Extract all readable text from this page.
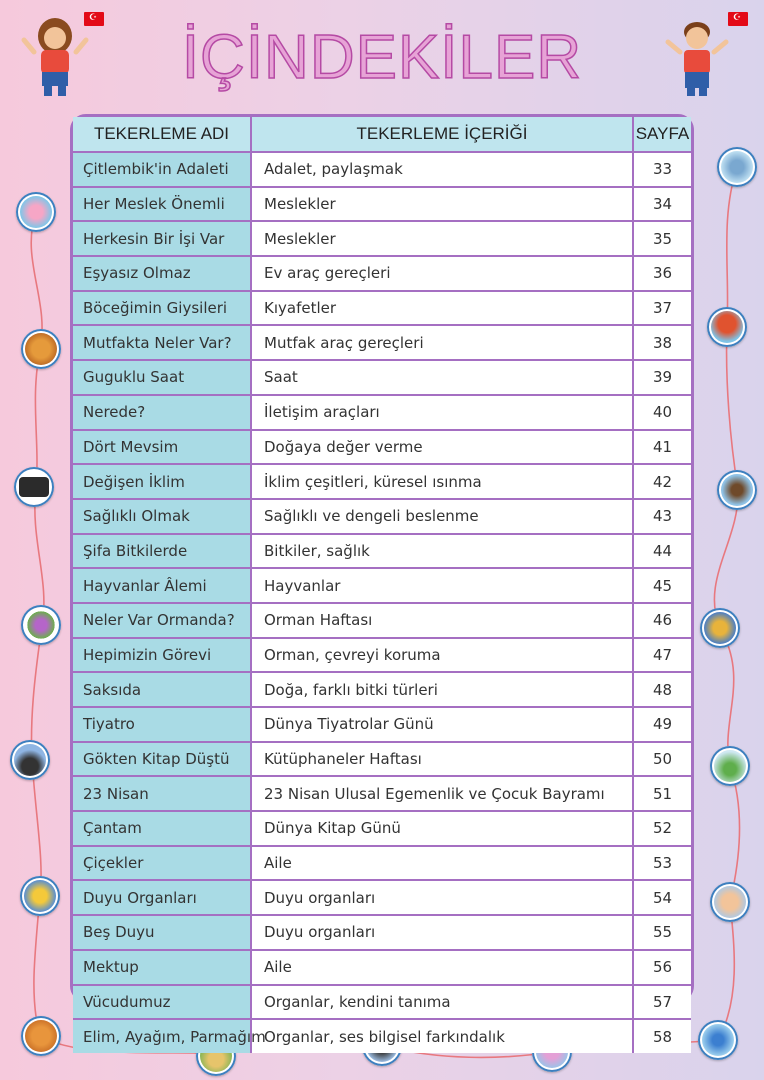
İÇİNDEKİLER
☪
☪
TEKERLEME ADI	TEKERLEME İÇERİĞİ	SAYFA
Çitlembik'in Adaleti	Adalet, paylaşmak	33
Her Meslek Önemli	Meslekler	34
Herkesin Bir İşi Var	Meslekler	35
Eşyasız Olmaz	Ev araç gereçleri	36
Böceğimin Giysileri	Kıyafetler	37
Mutfakta Neler Var?	Mutfak araç gereçleri	38
Guguklu Saat	Saat	39
Nerede?	İletişim araçları	40
Dört Mevsim	Doğaya değer verme	41
Değişen İklim	İklim çeşitleri, küresel ısınma	42
Sağlıklı Olmak	Sağlıklı ve dengeli beslenme	43
Şifa Bitkilerde	Bitkiler, sağlık	44
Hayvanlar Âlemi	Hayvanlar	45
Neler Var Ormanda?	Orman Haftası	46
Hepimizin Görevi	Orman, çevreyi koruma	47
Saksıda	Doğa, farklı bitki türleri	48
Tiyatro	Dünya Tiyatrolar Günü	49
Gökten Kitap Düştü	Kütüphaneler Haftası	50
23 Nisan	23 Nisan Ulusal Egemenlik ve Çocuk Bayramı	51
Çantam	Dünya Kitap Günü	52
Çiçekler	Aile	53
Duyu Organları	Duyu organları	54
Beş Duyu	Duyu organları	55
Mektup	Aile	56
Vücudumuz	Organlar, kendini tanıma	57
Elim, Ayağım, Parmağım	Organlar, ses bilgisel farkındalık	58
